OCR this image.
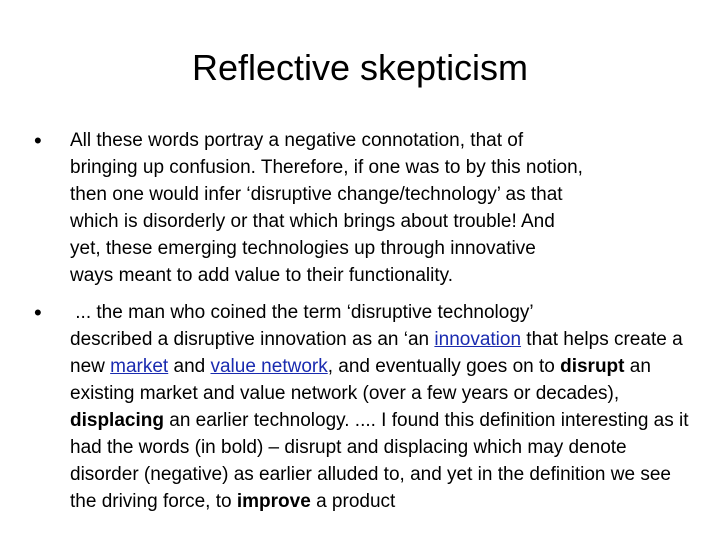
Reflective skepticism
• All these words portray a negative connotation, that of
bringing up confusion. Therefore, if one was to by this notion,
then one would infer ‘disruptive change/technology’ as that
which is disorderly or that which brings about trouble! And
yet, these emerging technologies up through innovative
ways meant to add value to their functionality.
• ... the man who coined the term ‘disruptive technology’
described a disruptive innovation as an ‘an innovation that helps create a new market and value network, and eventually goes on to disrupt an existing market and value network (over a few years or decades), displacing an earlier technology. .... I found this definition interesting as it had the words (in bold) – disrupt and displacing which may denote disorder (negative) as earlier alluded to, and yet in the definition we see the driving force, to improve a product
